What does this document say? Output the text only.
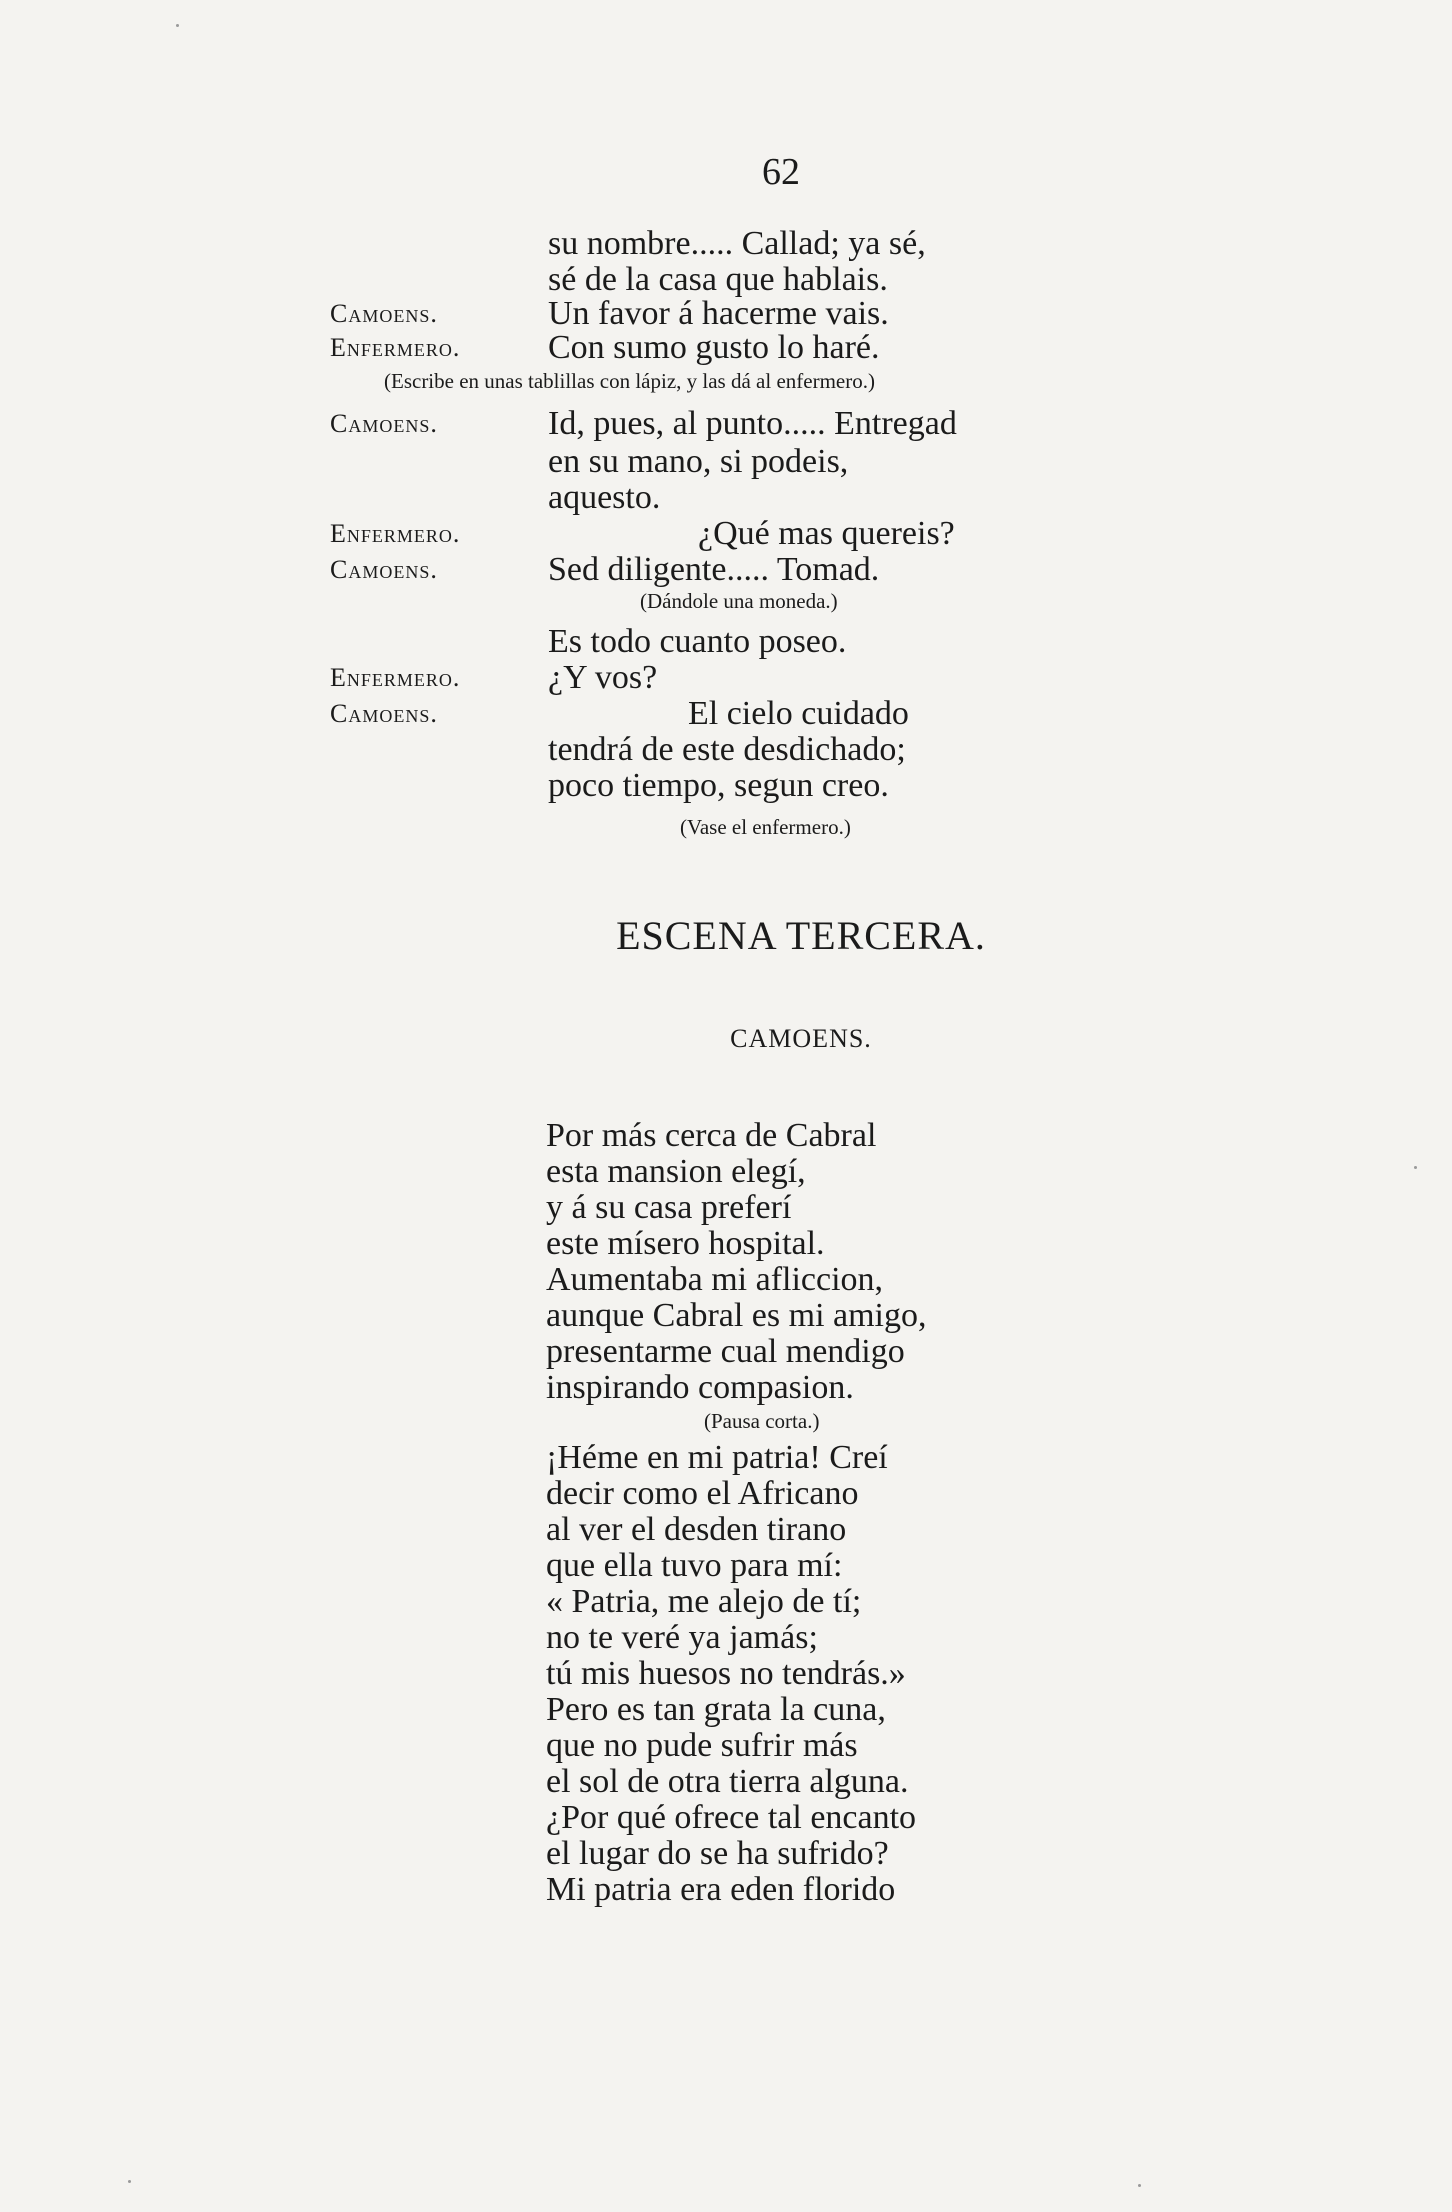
62
su nombre..... Callad; ya sé,
sé de la casa que hablais.
Camoens.	Un favor á hacerme vais.
Enfermero.	Con sumo gusto lo haré.
(Escribe en unas tablillas con lápiz, y las dá al enfermero.)
Camoens.	Id, pues, al punto..... Entregad
en su mano, si podeis,
aquesto.
Enfermero.	¿Qué mas quereis?
Camoens.	Sed diligente..... Tomad.
(Dándole una moneda.)
Es todo cuanto poseo.
Enfermero.	¿Y vos?
Camoens.	El cielo cuidado
tendrá de este desdichado;
poco tiempo, segun creo.
(Vase el enfermero.)
ESCENA TERCERA.
CAMOENS.
Por más cerca de Cabral
esta mansion elegí,
y á su casa preferí
este mísero hospital.
Aumentaba mi afliccion,
aunque Cabral es mi amigo,
presentarme cual mendigo
inspirando compasion.
(Pausa corta.)
¡Héme en mi patria! Creí
decir como el Africano
al ver el desden tirano
que ella tuvo para mí:
« Patria, me alejo de tí;
no te veré ya jamás;
tú mis huesos no tendrás.»
Pero es tan grata la cuna,
que no pude sufrir más
el sol de otra tierra alguna.
¿Por qué ofrece tal encanto
el lugar do se ha sufrido?
Mi patria era eden florido
